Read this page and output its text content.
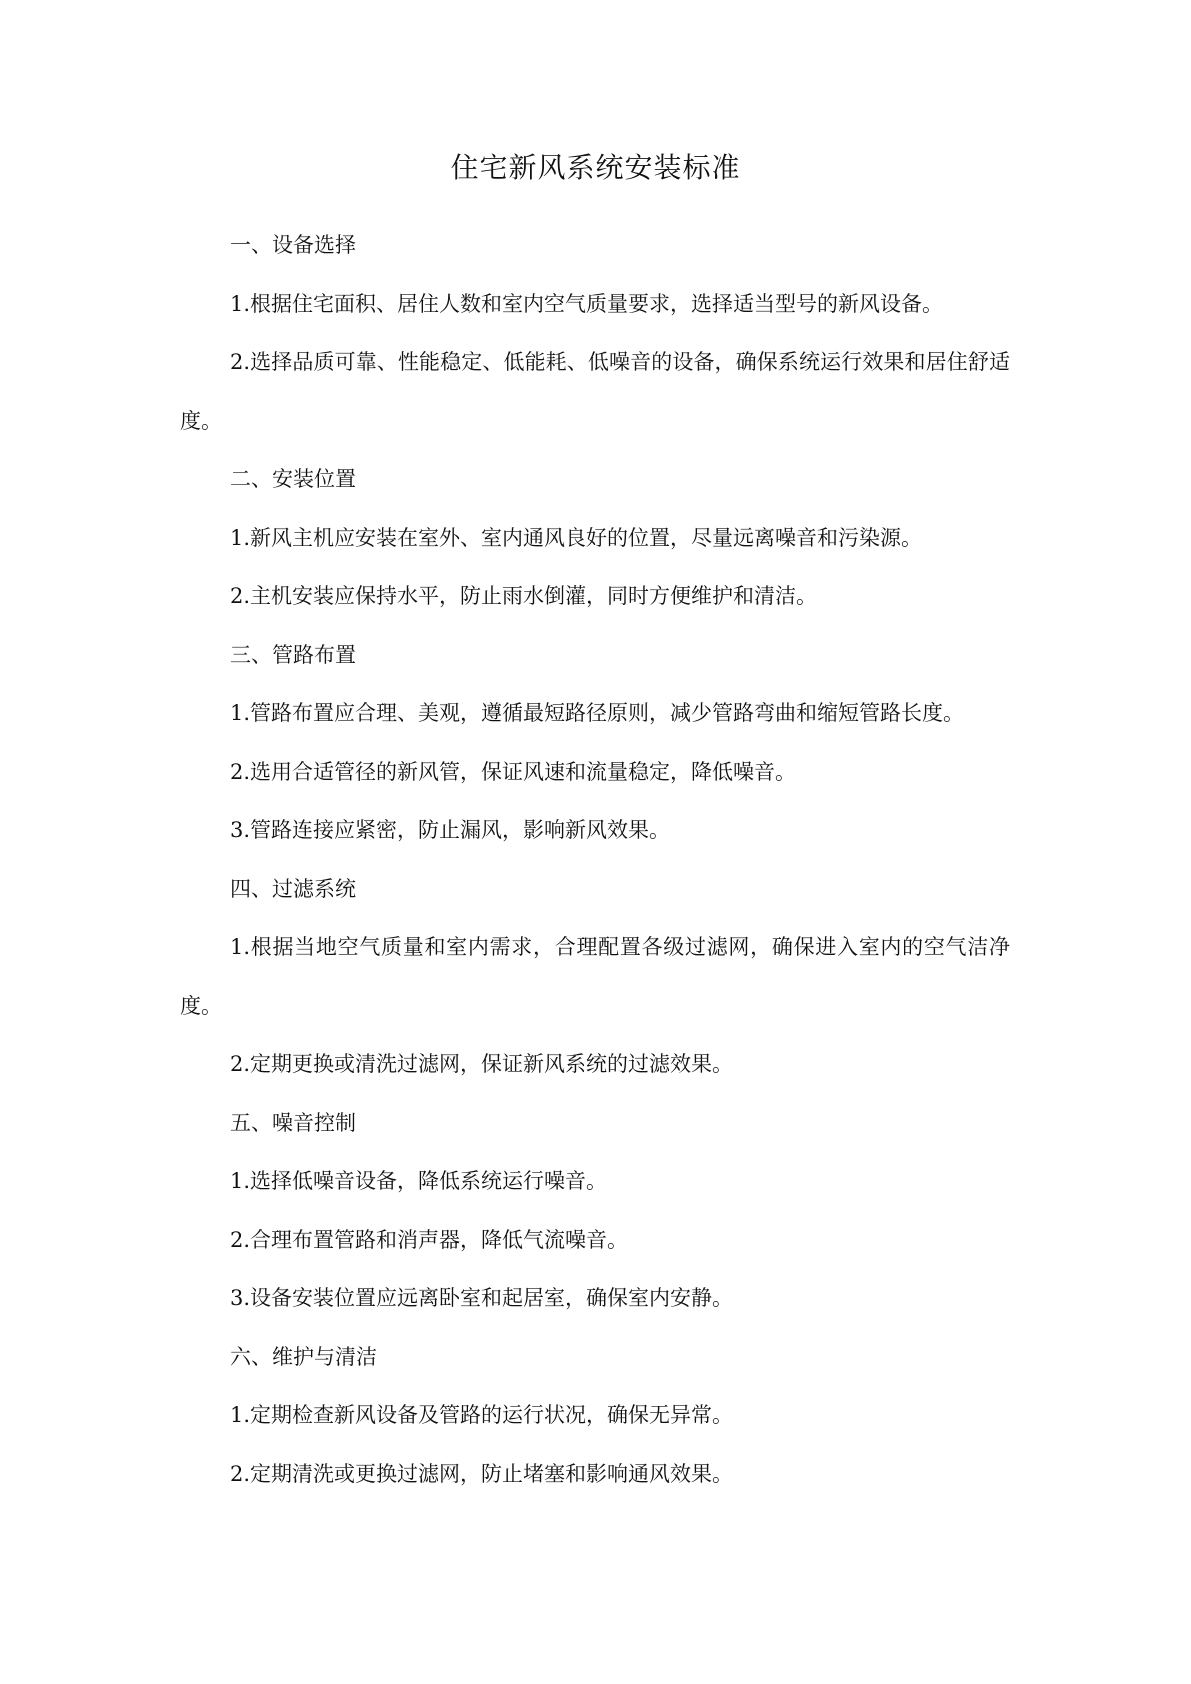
住宅新风系统安装标准

一、设备选择

1.根据住宅面积、居住人数和室内空气质量要求，选择适当型号的新风设备。

2.选择品质可靠、性能稳定、低能耗、低噪音的设备，确保系统运行效果和居住舒适度。

二、安装位置

1.新风主机应安装在室外、室内通风良好的位置，尽量远离噪音和污染源。

2.主机安装应保持水平，防止雨水倒灌，同时方便维护和清洁。

三、管路布置

1.管路布置应合理、美观，遵循最短路径原则，减少管路弯曲和缩短管路长度。

2.选用合适管径的新风管，保证风速和流量稳定，降低噪音。

3.管路连接应紧密，防止漏风，影响新风效果。

四、过滤系统

1.根据当地空气质量和室内需求，合理配置各级过滤网，确保进入室内的空气洁净度。

2.定期更换或清洗过滤网，保证新风系统的过滤效果。

五、噪音控制

1.选择低噪音设备，降低系统运行噪音。

2.合理布置管路和消声器，降低气流噪音。

3.设备安装位置应远离卧室和起居室，确保室内安静。

六、维护与清洁

1.定期检查新风设备及管路的运行状况，确保无异常。

2.定期清洗或更换过滤网，防止堵塞和影响通风效果。
